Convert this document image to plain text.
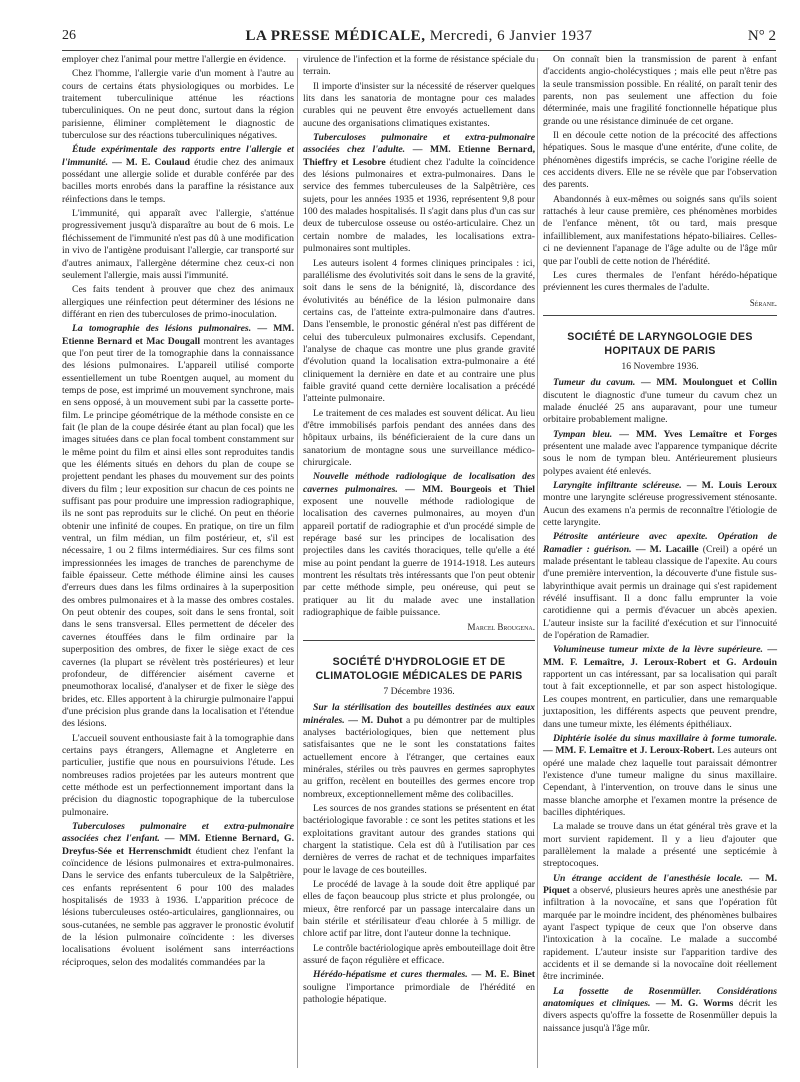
26	LA PRESSE MÉDICALE, Mercredi, 6 Janvier 1937	N° 2

employer chez l'animal pour mettre l'allergie en évidence.

Chez l'homme, l'allergie varie d'un moment à l'autre au cours de certains états physiologiques ou morbides. Le traitement tuberculinique atténue les réactions tuberculiniques. On ne peut donc, surtout dans la région parisienne, éliminer complètement le diagnostic de tuberculose sur des réactions tuberculiniques négatives.

Étude expérimentale des rapports entre l'allergie et l'immunité. — M. E. Coulaud étudie chez des animaux possédant une allergie solide et durable conférée par des bacilles morts enrobés dans la paraffine la résistance aux réinfections dans le temps.

L'immunité, qui apparaît avec l'allergie, s'atténue progressivement jusqu'à disparaître au bout de 6 mois. Le fléchissement de l'immunité n'est pas dû à une modification in vivo de l'antigène produisant l'allergie, car transporté sur d'autres animaux, l'allergène détermine chez ceux-ci non seulement l'allergie, mais aussi l'immunité.

Ces faits tendent à prouver que chez des animaux allergiques une réinfection peut déterminer des lésions ne différant en rien des tuberculoses de primo-inoculation.

La tomographie des lésions pulmonaires. — MM. Etienne Bernard et Mac Dougall montrent les avantages que l'on peut tirer de la tomographie dans la connaissance des lésions pulmonaires. L'appareil utilisé comporte essentiellement un tube Roentgen auquel, au moment du temps de pose, est imprimé un mouvement synchrone, mais en sens opposé, à un mouvement subi par la cassette porte-film. Le principe géométrique de la méthode consiste en ce fait (le plan de la coupe désirée étant au plan focal) que les images situées dans ce plan focal tombent constamment sur le même point du film et ainsi elles sont reproduites tandis que les éléments situés en dehors du plan de coupe se projettent pendant les phases du mouvement sur des points divers du film ; leur exposition sur chacun de ces points ne suffisant pas pour produire une impression radiographique, ils ne sont pas reproduits sur le cliché. On peut en théorie obtenir une infinité de coupes. En pratique, on tire un film ventral, un film médian, un film postérieur, et, s'il est nécessaire, 1 ou 2 films intermédiaires. Sur ces films sont impressionnées les images de tranches de parenchyme de faible épaisseur. Cette méthode élimine ainsi les causes d'erreurs dues dans les films ordinaires à la superposition des ombres pulmonaires et à la masse des ombres costales. On peut obtenir des coupes, soit dans le sens frontal, soit dans le sens transversal. Elles permettent de déceler des cavernes étouffées dans le film ordinaire par la superposition des ombres, de fixer le siège exact de ces cavernes (la plupart se révèlent très postérieures) et leur profondeur, de différencier aisément caverne et pneumothorax localisé, d'analyser et de fixer le siège des brides, etc. Elles apportent à la chirurgie pulmonaire l'appui d'une précision plus grande dans la localisation et l'étendue des lésions.

L'accueil souvent enthousiaste fait à la tomographie dans certains pays étrangers, Allemagne et Angleterre en particulier, justifie que nous en poursuivions l'étude. Les nombreuses radios projetées par les auteurs montrent que cette méthode est un perfectionnement important dans la précision du diagnostic topographique de la tuberculose pulmonaire.

Tuberculoses pulmonaire et extra-pulmonaire associées chez l'enfant. — MM. Etienne Bernard, G. Dreyfus-Sée et Herrenschmidt étudient chez l'enfant la coïncidence de lésions pulmonaires et extra-pulmonaires. Dans le service des enfants tuberculeux de la Salpêtrière, ces enfants représentent 6 pour 100 des malades hospitalisés de 1933 à 1936. L'apparition précoce de lésions tuberculeuses ostéo-articulaires, ganglionnaires, ou sous-cutanées, ne semble pas aggraver le pronostic évolutif de la lésion pulmonaire coïncidente : les diverses localisations évoluent isolément sans interréactions réciproques, selon des modalités commandées par la

virulence de l'infection et la forme de résistance spéciale du terrain.

Il importe d'insister sur la nécessité de réserver quelques lits dans les sanatoria de montagne pour ces malades curables qui ne peuvent être envoyés actuellement dans aucune des organisations climatiques existantes.

Tuberculoses pulmonaire et extra-pulmonaire associées chez l'adulte. — MM. Etienne Bernard, Thieffry et Lesobre étudient chez l'adulte la coïncidence des lésions pulmonaires et extra-pulmonaires. Dans le service des femmes tuberculeuses de la Salpêtrière, ces sujets, pour les années 1935 et 1936, représentent 9,8 pour 100 des malades hospitalisés. Il s'agit dans plus d'un cas sur deux de tuberculose osseuse ou ostéo-articulaire. Chez un certain nombre de malades, les localisations extra-pulmonaires sont multiples.

Les auteurs isolent 4 formes cliniques principales : ici, parallélisme des évolutivités soit dans le sens de la gravité, soit dans le sens de la bénignité, là, discordance des évolutivités au bénéfice de la lésion pulmonaire dans certains cas, de l'atteinte extra-pulmonaire dans d'autres. Dans l'ensemble, le pronostic général n'est pas différent de celui des tuberculeux pulmonaires exclusifs. Cependant, l'analyse de chaque cas montre une plus grande gravité d'évolution quand la localisation extra-pulmonaire a été cliniquement la dernière en date et au contraire une plus faible gravité quand cette dernière localisation a précédé l'atteinte pulmonaire.

Le traitement de ces malades est souvent délicat. Au lieu d'être immobilisés parfois pendant des années dans des hôpitaux urbains, ils bénéficieraient de la cure dans un sanatorium de montagne sous une surveillance médico-chirurgicale.

Nouvelle méthode radiologique de localisation des cavernes pulmonaires. — MM. Bourgeois et Thiel exposent une nouvelle méthode radiologique de localisation des cavernes pulmonaires, au moyen d'un appareil portatif de radiographie et d'un procédé simple de repérage basé sur les principes de localisation des projectiles dans les cavités thoraciques, telle qu'elle a été mise au point pendant la guerre de 1914-1918. Les auteurs montrent les résultats très intéressants que l'on peut obtenir par cette méthode simple, peu onéreuse, qui peut se pratiquer au lit du malade avec une installation radiographique de faible puissance.

Marcel Brougena.
SOCIÉTÉ D'HYDROLOGIE ET DE CLIMATOLOGIE MÉDICALES DE PARIS
7 Décembre 1936.

Sur la stérilisation des bouteilles destinées aux eaux minérales. — M. Duhot a pu démontrer par de multiples analyses bactériologiques, bien que nettement plus satisfaisantes que ne le sont les constatations faites actuellement encore à l'étranger, que certaines eaux minérales, stériles ou très pauvres en germes saprophytes au griffon, recèlent en bouteilles des germes encore trop nombreux, exceptionnellement même des colibacilles.

Les sources de nos grandes stations se présentent en état bactériologique favorable : ce sont les petites stations et les exploitations gravitant autour des grandes stations qui chargent la statistique. Cela est dû à l'utilisation par ces dernières de verres de rachat et de techniques imparfaites pour le lavage de ces bouteilles.

Le procédé de lavage à la soude doit être appliqué par elles de façon beaucoup plus stricte et plus prolongée, ou mieux, être renforcé par un passage intercalaire dans un bain stérile et stérilisateur d'eau chlorée à 5 milligr. de chlore actif par litre, dont l'auteur donne la technique.

Le contrôle bactériologique après embouteillage doit être assuré de façon régulière et efficace.

Hérédo-hépatisme et cures thermales. — M. E. Binet souligne l'importance primordiale de l'hérédité en pathologie hépatique.

On connaît bien la transmission de parent à enfant d'accidents angio-cholécystiques ; mais elle peut n'être pas la seule transmission possible. En réalité, on paraît tenir des parents, non pas seulement une affection du foie déterminée, mais une fragilité fonctionnelle hépatique plus grande ou une résistance diminuée de cet organe.

Il en découle cette notion de la précocité des affections hépatiques. Sous le masque d'une entérite, d'une colite, de phénomènes digestifs imprécis, se cache l'origine réelle de ces accidents divers. Elle ne se révèle que par l'observation des parents.

Abandonnés à eux-mêmes ou soignés sans qu'ils soient rattachés à leur cause première, ces phénomènes morbides de l'enfance mènent, tôt ou tard, mais presque infailliblement, aux manifestations hépato-biliaires. Celles-ci ne deviennent l'apanage de l'âge adulte ou de l'âge mûr que par l'oubli de cette notion de l'hérédité.

Les cures thermales de l'enfant hérédo-hépatique préviennent les cures thermales de l'adulte.

Sérane.
SOCIÉTÉ DE LARYNGOLOGIE DES HOPITAUX DE PARIS
16 Novembre 1936.

Tumeur du cavum. — MM. Moulonguet et Collin discutent le diagnostic d'une tumeur du cavum chez un malade énucléé 25 ans auparavant, pour une tumeur orbitaire probablement maligne.

Tympan bleu. — MM. Yves Lemaître et Forges présentent une malade avec l'apparence tympanique décrite sous le nom de tympan bleu. Antérieurement plusieurs polypes avaient été enlevés.

Laryngite infiltrante scléreuse. — M. Louis Leroux montre une laryngite scléreuse progressivement sténosante. Aucun des examens n'a permis de reconnaître l'étiologie de cette laryngite.

Pétrosite antérieure avec apexite. Opération de Ramadier : guérison. — M. Lacaille (Creil) a opéré un malade présentant le tableau classique de l'apexite. Au cours d'une première intervention, la découverte d'une fistule sus-labyrinthique avait permis un drainage qui s'est rapidement révélé insuffisant. Il a donc fallu emprunter la voie carotidienne qui a permis d'évacuer un abcès apexien. L'auteur insiste sur la facilité d'exécution et sur l'innocuité de l'opération de Ramadier.

Volumineuse tumeur mixte de la lèvre supérieure. — MM. F. Lemaître, J. Leroux-Robert et G. Ardouin rapportent un cas intéressant, par sa localisation qui paraît tout à fait exceptionnelle, et par son aspect histologique. Les coupes montrent, en particulier, dans une remarquable juxtaposition, les différents aspects que peuvent prendre, dans une tumeur mixte, les éléments épithéliaux.

Diphtérie isolée du sinus maxillaire à forme tumorale. — MM. F. Lemaître et J. Leroux-Robert. Les auteurs ont opéré une malade chez laquelle tout paraissait démontrer l'existence d'une tumeur maligne du sinus maxillaire. Cependant, à l'intervention, on trouve dans le sinus une masse blanche amorphe et l'examen montre la présence de bacilles diphtériques.

La malade se trouve dans un état général très grave et la mort survient rapidement. Il y a lieu d'ajouter que parallèlement la malade a présenté une septicémie à streptocoques.

Un étrange accident de l'anesthésie locale. — M. Piquet a observé, plusieurs heures après une anesthésie par infiltration à la novocaïne, et sans que l'opération fût marquée par le moindre incident, des phénomènes bulbaires ayant l'aspect typique de ceux que l'on observe dans l'intoxication à la cocaïne. Le malade a succombé rapidement. L'auteur insiste sur l'apparition tardive des accidents et il se demande si la novocaïne doit réellement être incriminée.

La fossette de Rosenmüller. Considérations anatomiques et cliniques. — M. G. Worms décrit les divers aspects qu'offre la fossette de Rosenmüller depuis la naissance jusqu'à l'âge mûr.
